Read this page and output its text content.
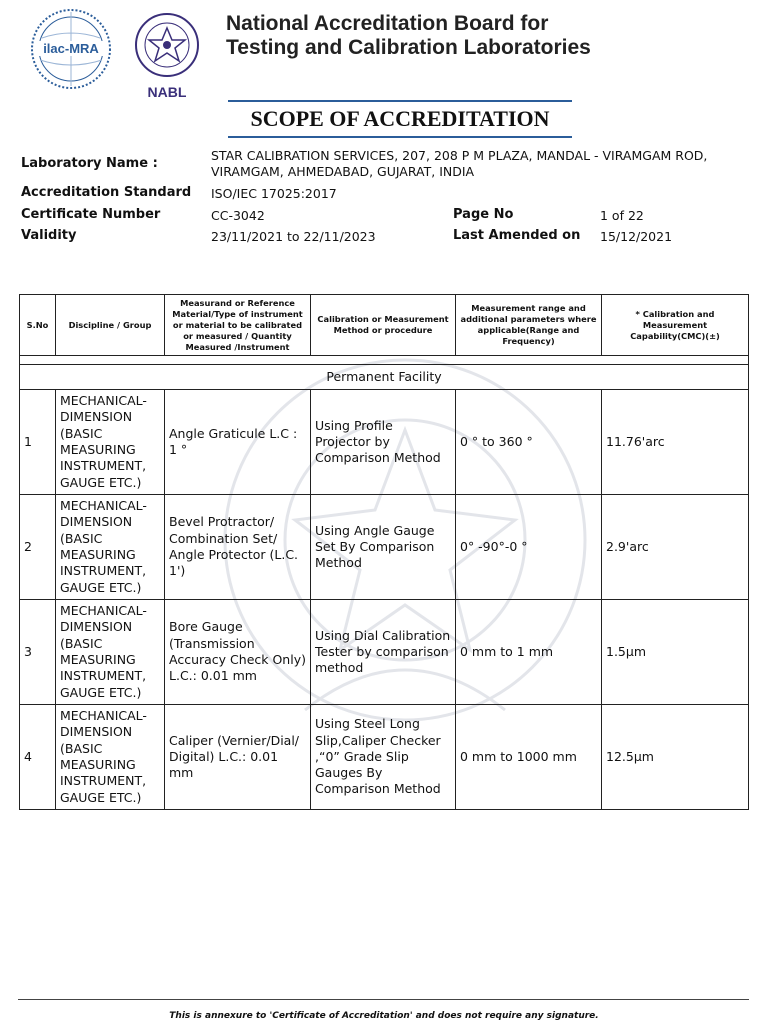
ilac-MRA
NABL
National Accreditation Board for
Testing and Calibration Laboratories
SCOPE OF ACCREDITATION
Laboratory Name :
STAR CALIBRATION SERVICES, 207, 208 P M PLAZA, MANDAL - VIRAMGAM ROD,
VIRAMGAM, AHMEDABAD, GUJARAT, INDIA
Accreditation Standard ISO/IEC 17025:2017
Certificate Number	CC-3042	Page No	1 of 22
Validity	23/11/2021 to 22/11/2023	Last Amended on 15/12/2021
S.No	Discipline / Group	Measurand or Reference Material/Type of instrument or material to be calibrated or measured / Quantity Measured /Instrument	Calibration or Measurement Method or procedure	Measurement range and additional parameters where applicable(Range and Frequency)	* Calibration and Measurement Capability(CMC)(±)

Permanent Facility					
1	MECHANICAL- DIMENSION (BASIC MEASURING INSTRUMENT, GAUGE ETC.)	Angle Graticule L.C : 1 °	Using Profile Projector by Comparison Method	0 ° to 360 °	11.76'arc
2	MECHANICAL- DIMENSION (BASIC MEASURING INSTRUMENT, GAUGE ETC.)	Bevel Protractor/ Combination Set/ Angle Protector (L.C. 1')	Using Angle Gauge Set By Comparison Method	0° -90°-0 °	2.9'arc
3	MECHANICAL- DIMENSION (BASIC MEASURING INSTRUMENT, GAUGE ETC.)	Bore Gauge (Transmission Accuracy Check Only) L.C.: 0.01 mm	Using Dial Calibration Tester by comparison method	0 mm to 1 mm	1.5µm
4	MECHANICAL- DIMENSION (BASIC MEASURING INSTRUMENT, GAUGE ETC.)	Caliper (Vernier/Dial/ Digital) L.C.: 0.01 mm	Using Steel Long Slip,Caliper Checker ,“0” Grade Slip Gauges By Comparison Method	0 mm to 1000 mm	12.5µm
This is annexure to 'Certificate of Accreditation' and does not require any signature.
